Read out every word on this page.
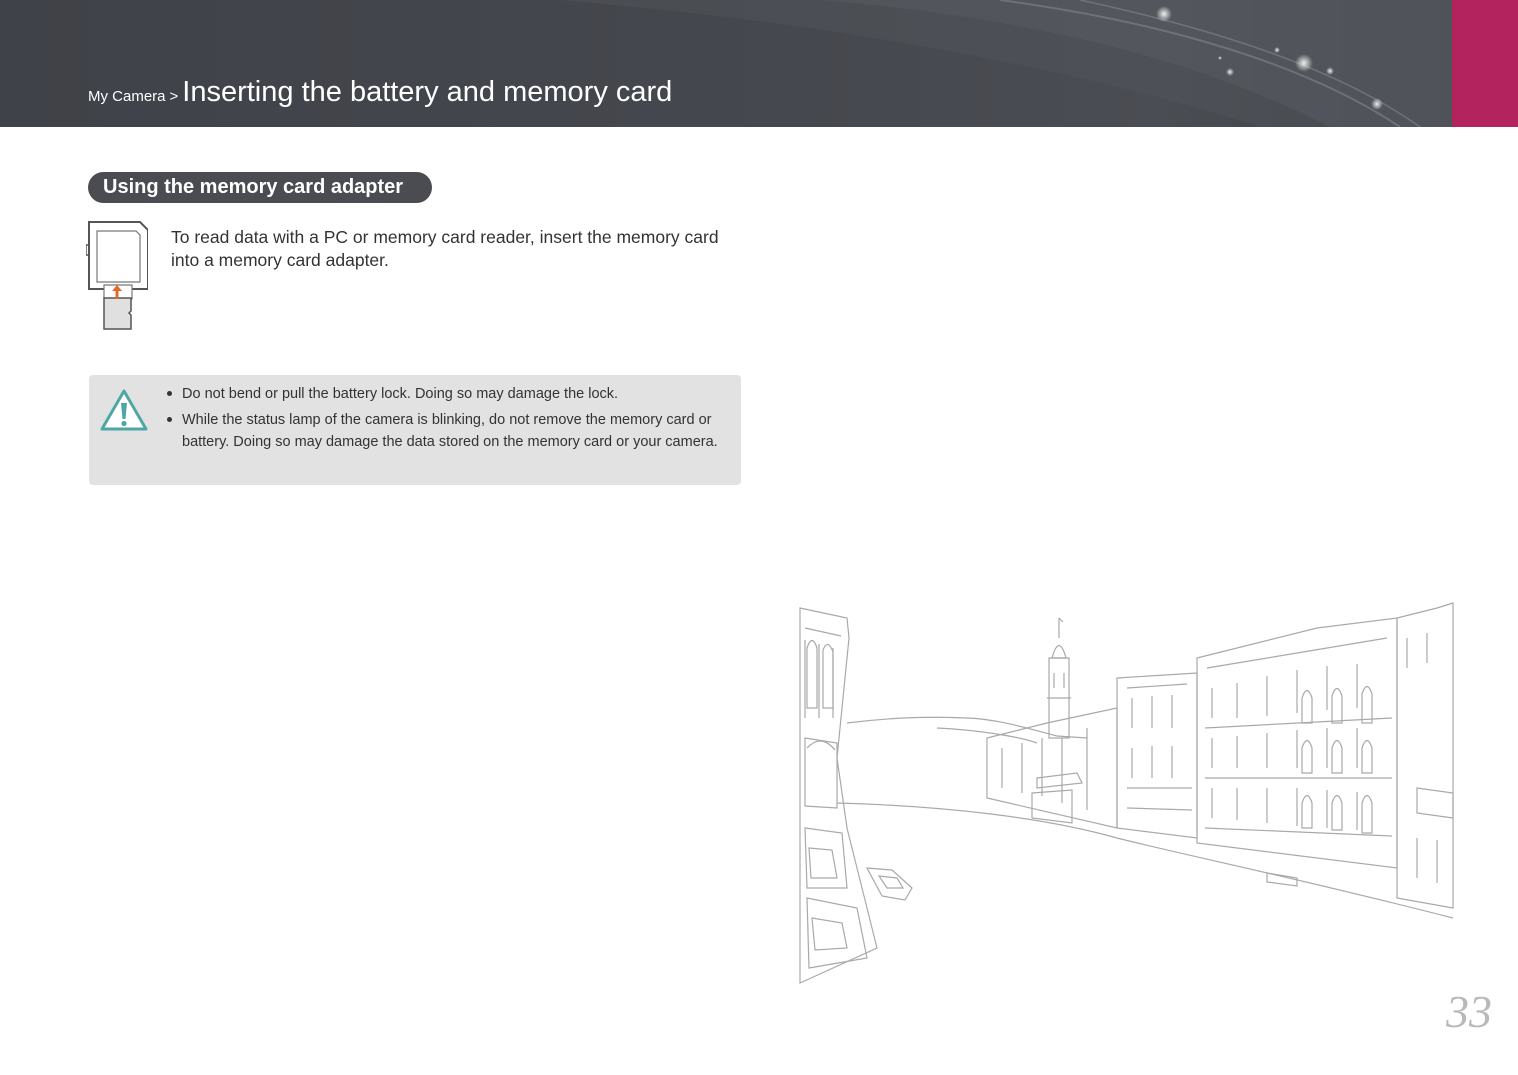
My Camera > Inserting the battery and memory card
Using the memory card adapter

To read data with a PC or memory card reader, insert the memory card into a memory card adapter.

Do not bend or pull the battery lock. Doing so may damage the lock.
While the status lamp of the camera is blinking, do not remove the memory card or battery. Doing so may damage the data stored on the memory card or your camera.
33
